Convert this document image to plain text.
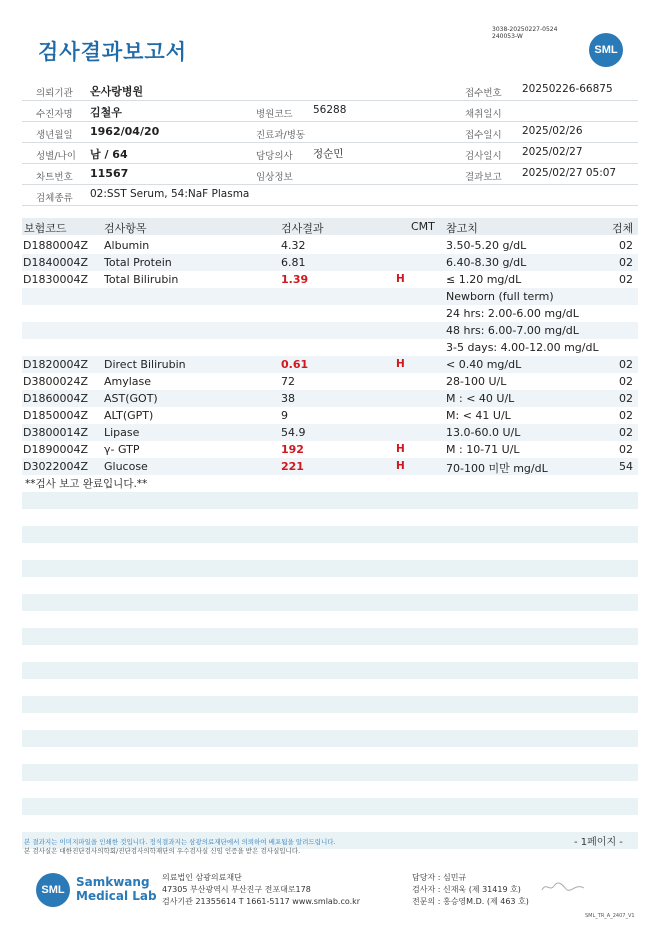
검사결과보고서
3038-20250227-0524
240053-W
SML
의뢰기관 온사랑병원	접수번호 20250226-66875
수진자명 김철우	병원코드 56288	채취일시
생년월일 1962/04/20	진료과/병동	접수일시 2025/02/26
성별/나이 남 / 64	담당의사 정순민	검사일시 2025/02/27
차트번호 11567	임상정보	결과보고 2025/02/27 05:07
검체종류 02:SST Serum, 54:NaF Plasma
보험코드	검사항목	검사결과	CMT 참고치	검체
D1880004Z Albumin	4.32	3.50-5.20 g/dL	02
D1840004Z Total Protein	6.81	6.40-8.30 g/dL	02
D1830004Z Total Bilirubin	1.39	H	≤ 1.20 mg/dL	02
Newborn (full term)
24 hrs: 2.00-6.00 mg/dL
48 hrs: 6.00-7.00 mg/dL
3-5 days: 4.00-12.00 mg/dL
D1820004Z Direct Bilirubin	0.61	H	< 0.40 mg/dL	02
D3800024Z Amylase	72	28-100 U/L	02
D1860004Z AST(GOT)	38	M : < 40 U/L	02
D1850004Z ALT(GPT)	9	M: < 41 U/L	02
D3800014Z Lipase	54.9	13.0-60.0 U/L	02
D1890004Z γ- GTP	192	H	M : 10-71 U/L	02
D3022004Z Glucose	221	H	70-100 미만 mg/dL	54
**검사 보고 완료입니다.**
본 결과지는 이미지파일을 인쇄한 것입니다. 정식결과지는 삼광의료재단에서 의뢰하여 배포됨을 알려드립니다.
본 검사실은 대한진단검사의학회/진단검사의학재단의 우수검사실 신임 인증을 받은 검사실입니다.
- 1페이지 -
SML
Samkwang
Medical Lab
의료법인 삼광의료재단
47305 부산광역시 부산진구 전포대로178
검사기관 21355614 T 1661-5117 www.smlab.co.kr
담당자 : 심민규
검사자 : 신재욱 (제 31419 호)
전문의 : 홍승영M.D. (제 463 호)
SML_TR_A_2407_V1
